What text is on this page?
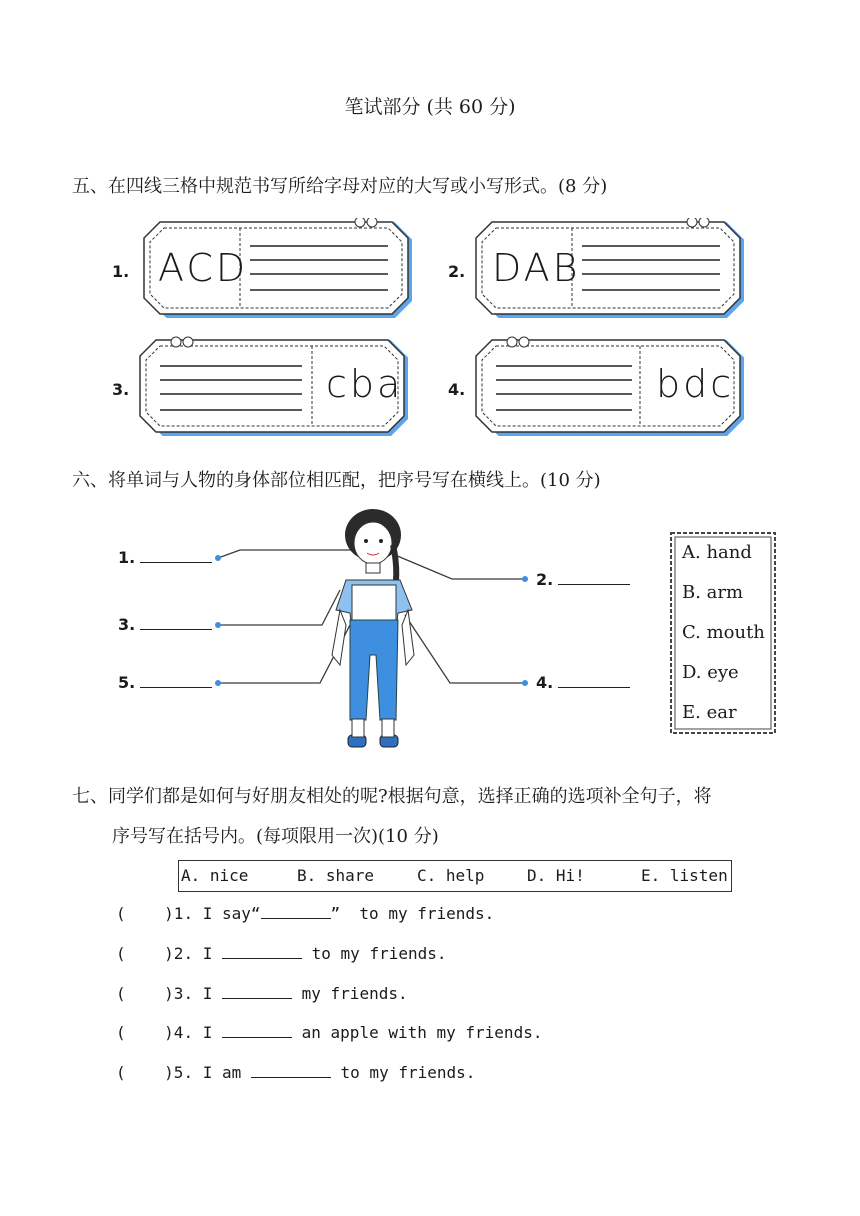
笔试部分 (共 60 分)
五、在四线三格中规范书写所给字母对应的大写或小写形式。(8 分)
1. ACD	2. DAB
3.	cba	4.	bdc
六、将单词与人物的身体部位相匹配，把序号写在横线上。(10 分)
1.
2.
3.
4.
5.
A. hand
B. arm
C. mouth
D. eye
E. ear
七、同学们都是如何与好朋友相处的呢?根据句意，选择正确的选项补全句子，将
序号写在括号内。(每项限用一次)(10 分)
A. nice	B. share	C. help	D. Hi!	E. listen
( )1. I say“	”  to my friends.
( )2. I	to my friends.
( )3. I	my friends.
( )4. I	an apple with my friends.
( )5. I am	to my friends.
